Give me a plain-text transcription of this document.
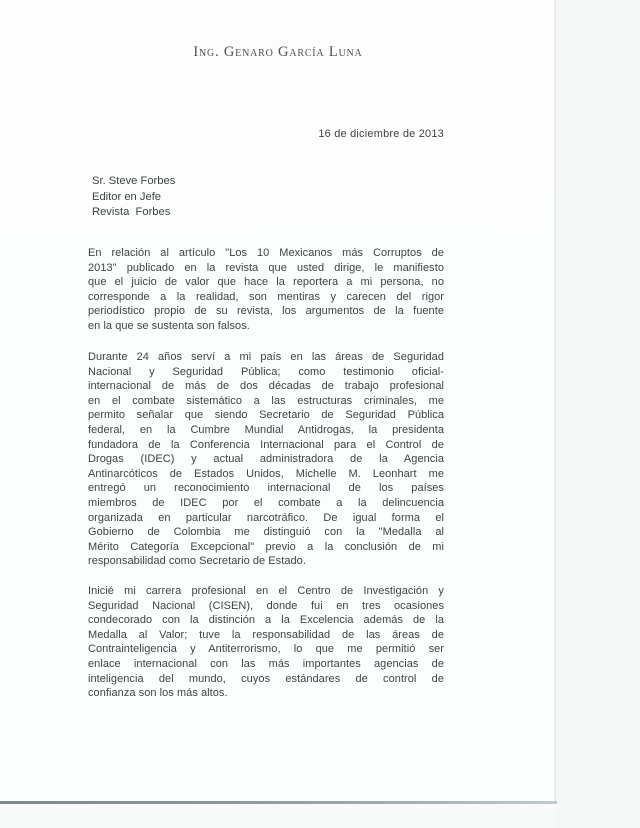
Ing. Genaro García Luna
16 de diciembre de 2013
Sr. Steve Forbes
Editor en Jefe
Revista  Forbes
En relación al artículo "Los 10 Mexicanos más Corruptos de
2013" publicado en la revista que usted dirige, le manifiesto
que el juicio de valor que hace la reportera a mi persona, no
corresponde a la realidad, son mentiras y carecen del rigor
periodístico propio de su revista, los argumentos de la fuente
en la que se sustenta son falsos.
Durante 24 años serví a mi país en las áreas de Seguridad
Nacional y Seguridad Pública; como testimonio oficial-
internacional de más de dos décadas de trabajo profesional
en el combate sistemático a las estructuras criminales, me
permito señalar que siendo Secretario de Seguridad Pública
federal, en la Cumbre Mundial Antidrogas, la presidenta
fundadora de la Conferencia Internacional para el Control de
Drogas (IDEC) y actual administradora de la Agencia
Antinarcóticos de Estados Unidos, Michelle M. Leonhart me
entregó un reconocimiento internacional de los países
miembros de IDEC por el combate a la delincuencia
organizada en particular narcotráfico. De igual forma el
Gobierno de Colombia me distinguió con la "Medalla al
Mérito Categoría Excepcional" previo a la conclusión de mi
responsabilidad como Secretario de Estado.
Inicié mi carrera profesional en el Centro de Investigación y
Seguridad Nacional (CISEN), donde fui en tres ocasiones
condecorado con la distinción a la Excelencia además de la
Medalla al Valor; tuve la responsabilidad de las áreas de
Contrainteligencia y Antiterrorismo, lo que me permitió ser
enlace internacional con las más importantes agencias de
inteligencia del mundo, cuyos estándares de control de
confianza son los más altos.
